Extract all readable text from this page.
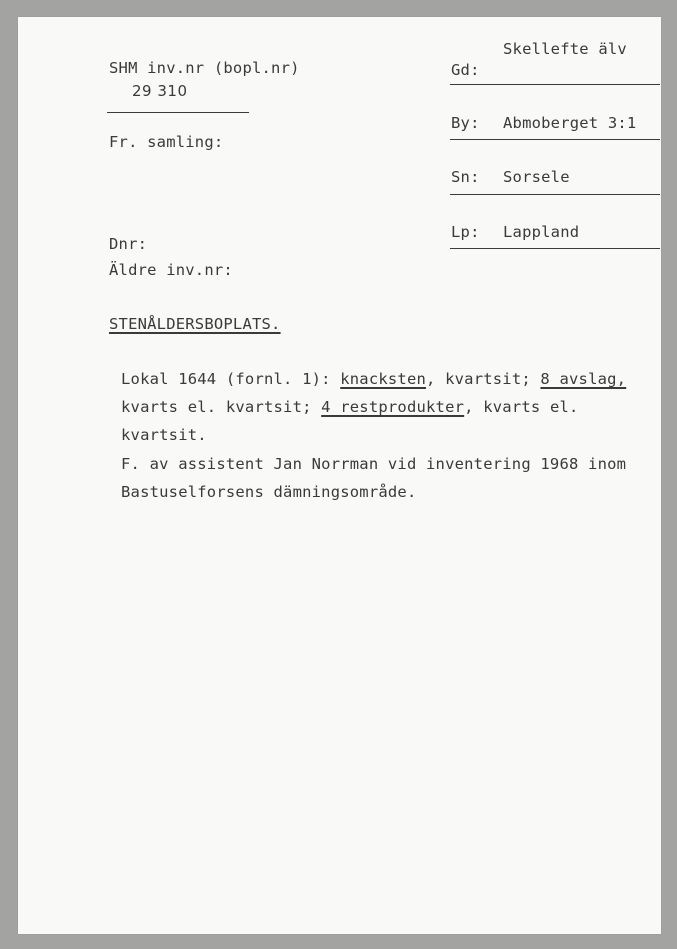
SHM inv.nr (bopl.nr)
29 310
Fr. samling:
Dnr:
Äldre inv.nr:
Skellefte älv
Gd:
By: Abmoberget 3:1
Sn: Sorsele
Lp: Lappland
STENÅLDERSBOPLATS.
Lokal 1644 (fornl. 1): knacksten, kvartsit; 8 avslag,
kvarts el. kvartsit; 4 restprodukter, kvarts el.
kvartsit.
F. av assistent Jan Norrman vid inventering 1968 inom
Bastuselforsens dämningsområde.
